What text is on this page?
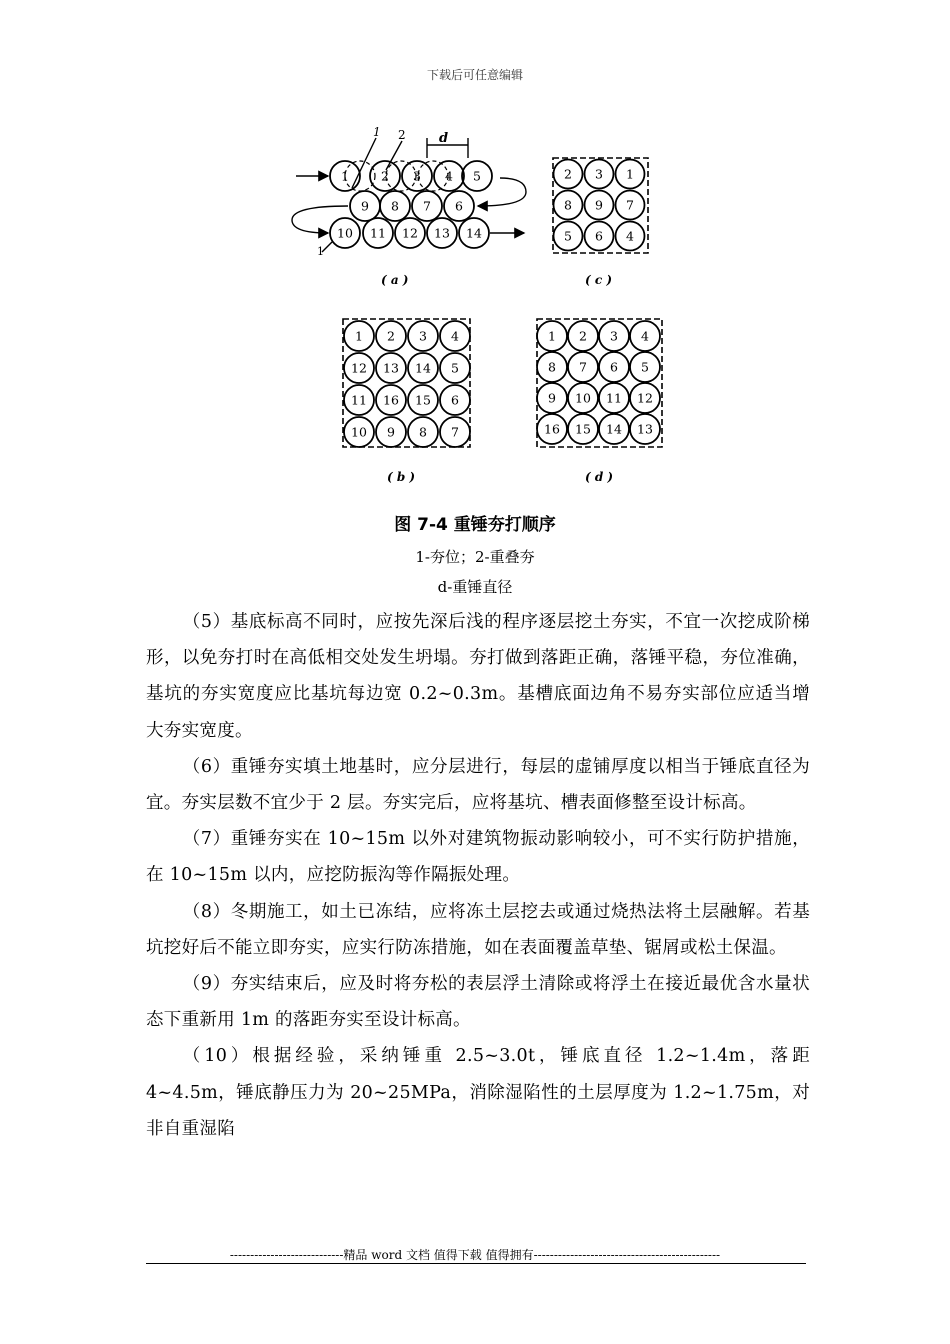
下载后可任意编辑
1	2 3 4 5
9 8 7 6
10 11 12 13 14
2 3 1
8 9 7
5 6 4
1 2 3 4
12 13 14 5
11 16 15 6
10 9 8 7
1 2 3 4
8 7 6 5
9 10 11 12
16 15 14 13
1 2
1
d
( a )	( c )
( b )	( d )
图 7-4 重锤夯打顺序
1-夯位；2-重叠夯
d-重锤直径

（5）基底标高不同时，应按先深后浅的程序逐层挖土夯实，不宜一次挖成阶梯形，以免夯打时在高低相交处发生坍塌。夯打做到落距正确，落锤平稳，夯位准确，基坑的夯实宽度应比基坑每边宽 0.2~0.3m。基槽底面边角不易夯实部位应适当增大夯实宽度。

（6）重锤夯实填土地基时，应分层进行，每层的虚铺厚度以相当于锤底直径为宜。夯实层数不宜少于 2 层。夯实完后，应将基坑、槽表面修整至设计标高。

（7）重锤夯实在 10~15m 以外对建筑物振动影响较小，可不实行防护措施，在 10~15m 以内，应挖防振沟等作隔振处理。

（8）冬期施工，如土已冻结，应将冻土层挖去或通过烧热法将土层融解。若基坑挖好后不能立即夯实，应实行防冻措施，如在表面覆盖草垫、锯屑或松土保温。

（9）夯实结束后，应及时将夯松的表层浮土清除或将浮土在接近最优含水量状态下重新用 1m 的落距夯实至设计标高。

（10）根据经验，采纳锤重 2.5~3.0t，锤底直径 1.2~1.4m，落距 4~4.5m，锤底静压力为 20~25MPa，消除湿陷性的土层厚度为 1.2~1.75m，对非自重湿陷

----------------------------精品 word 文档 值得下载 值得拥有----------------------------------------------
